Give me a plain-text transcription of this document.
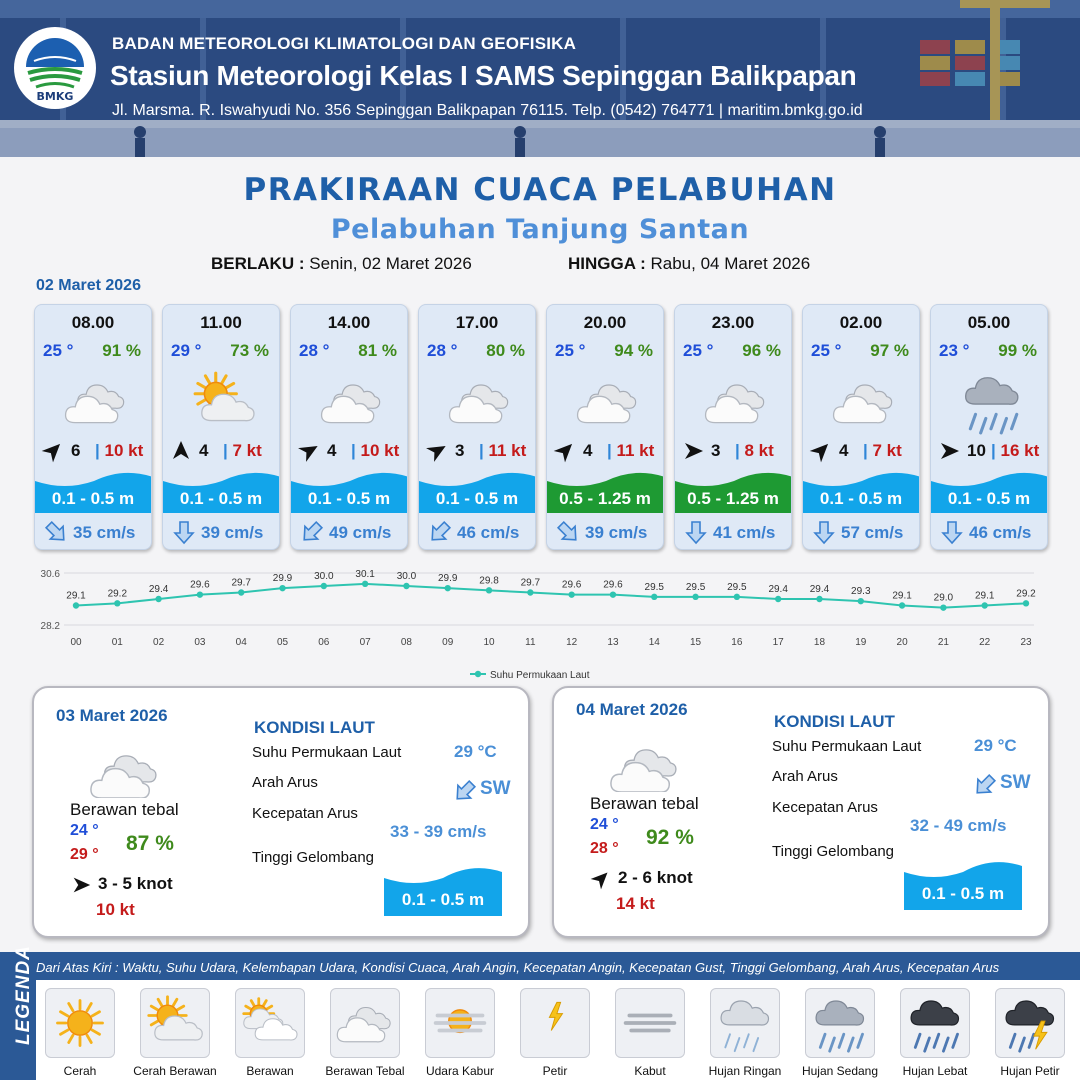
BMKG
BADAN METEOROLOGI KLIMATOLOGI DAN GEOFISIKA
Stasiun Meteorologi Kelas I SAMS Sepinggan Balikpapan
Jl. Marsma. R. Iswahyudi No. 356 Sepinggan Balikpapan 76115. Telp. (0542) 764771 | maritim.bmkg.go.id
PRAKIRAAN CUACA PELABUHAN
Pelabuhan Tanjung Santan
BERLAKU : Senin, 02 Maret 2026	HINGGA : Rabu, 04 Maret 2026
02 Maret 2026
08.00
25 ° 91 %
6 | 10 kt
0.1 - 0.5 m
35 cm/s
11.00
29 ° 73 %
4 | 7 kt
0.1 - 0.5 m
39 cm/s
14.00
28 ° 81 %
4 | 10 kt
0.1 - 0.5 m
49 cm/s
17.00
28 ° 80 %
3 | 11 kt
0.1 - 0.5 m
46 cm/s
20.00
25 ° 94 %
4 | 11 kt
0.5 - 1.25 m
39 cm/s
23.00
25 ° 96 %
3 | 8 kt
0.5 - 1.25 m
41 cm/s
02.00
25 ° 97 %
4 | 7 kt
0.1 - 0.5 m
57 cm/s
05.00
23 ° 99 %
10 | 16 kt
0.1 - 0.5 m
46 cm/s
30.6
28.2
29.1
00
29.2
01
29.4
02
29.6
03
29.7
04
29.9
05
30.0
06
30.1
07
30.0
08
29.9
09
29.8
10
29.7
11
29.6
12
29.6
13
29.5
14
29.5
15
29.5
16
29.4
17
29.4
18
29.3
19
29.1
20
29.0
21
29.1
22
29.2
23
Suhu Permukaan Laut
03 Maret 2026
Berawan tebal
24 °
29 ° 87 %
3 - 5 knot
10 kt
KONDISI LAUT
Suhu Permukaan Laut	29 °C
Arah Arus	SW
Kecepatan Arus
33 - 39 cm/s
Tinggi Gelombang
0.1 - 0.5 m
04 Maret 2026
Berawan tebal
24 °
28 ° 92 %
2 - 6 knot
14 kt
KONDISI LAUT
Suhu Permukaan Laut	29 °C
Arah Arus	SW
Kecepatan Arus
32 - 49 cm/s
Tinggi Gelombang
0.1 - 0.5 m
LEGENDA Dari Atas Kiri : Waktu, Suhu Udara, Kelembapan Udara, Kondisi Cuaca, Arah Angin, Kecepatan Angin, Kecepatan Gust, Tinggi Gelombang, Arah Arus, Kecepatan Arus
Cerah	Cerah Berawan	Berawan	Berawan Tebal	Udara Kabur	Petir	Kabut	Hujan Ringan	Hujan Sedang	Hujan Lebat	Hujan Petir
